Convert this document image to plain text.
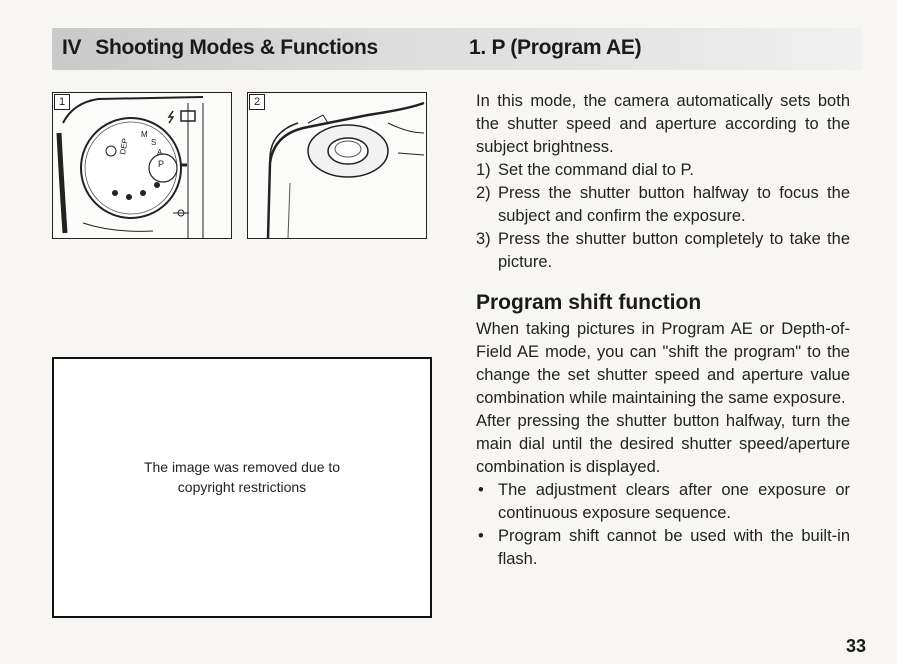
IV Shooting Modes & Functions	1. P (Program AE)
P
DEP
M
S
A
1	2
The image was removed due to
copyright restrictions

In this mode, the camera automatically sets both the shutter speed and aperture according to the subject brightness.

1) Set the command dial to P.
2) Press the shutter button halfway to focus the subject and confirm the exposure.
3) Press the shutter button completely to take the picture.
Program shift function

When taking pictures in Program AE or Depth-of-Field AE mode, you can "shift the program" to the change the set shutter speed and aperture value combination while maintaining the same exposure.

After pressing the shutter button halfway, turn the main dial until the desired shutter speed/aperture combination is displayed.

• The adjustment clears after one exposure or continuous exposure sequence.
• Program shift cannot be used with the built-in flash.
33
